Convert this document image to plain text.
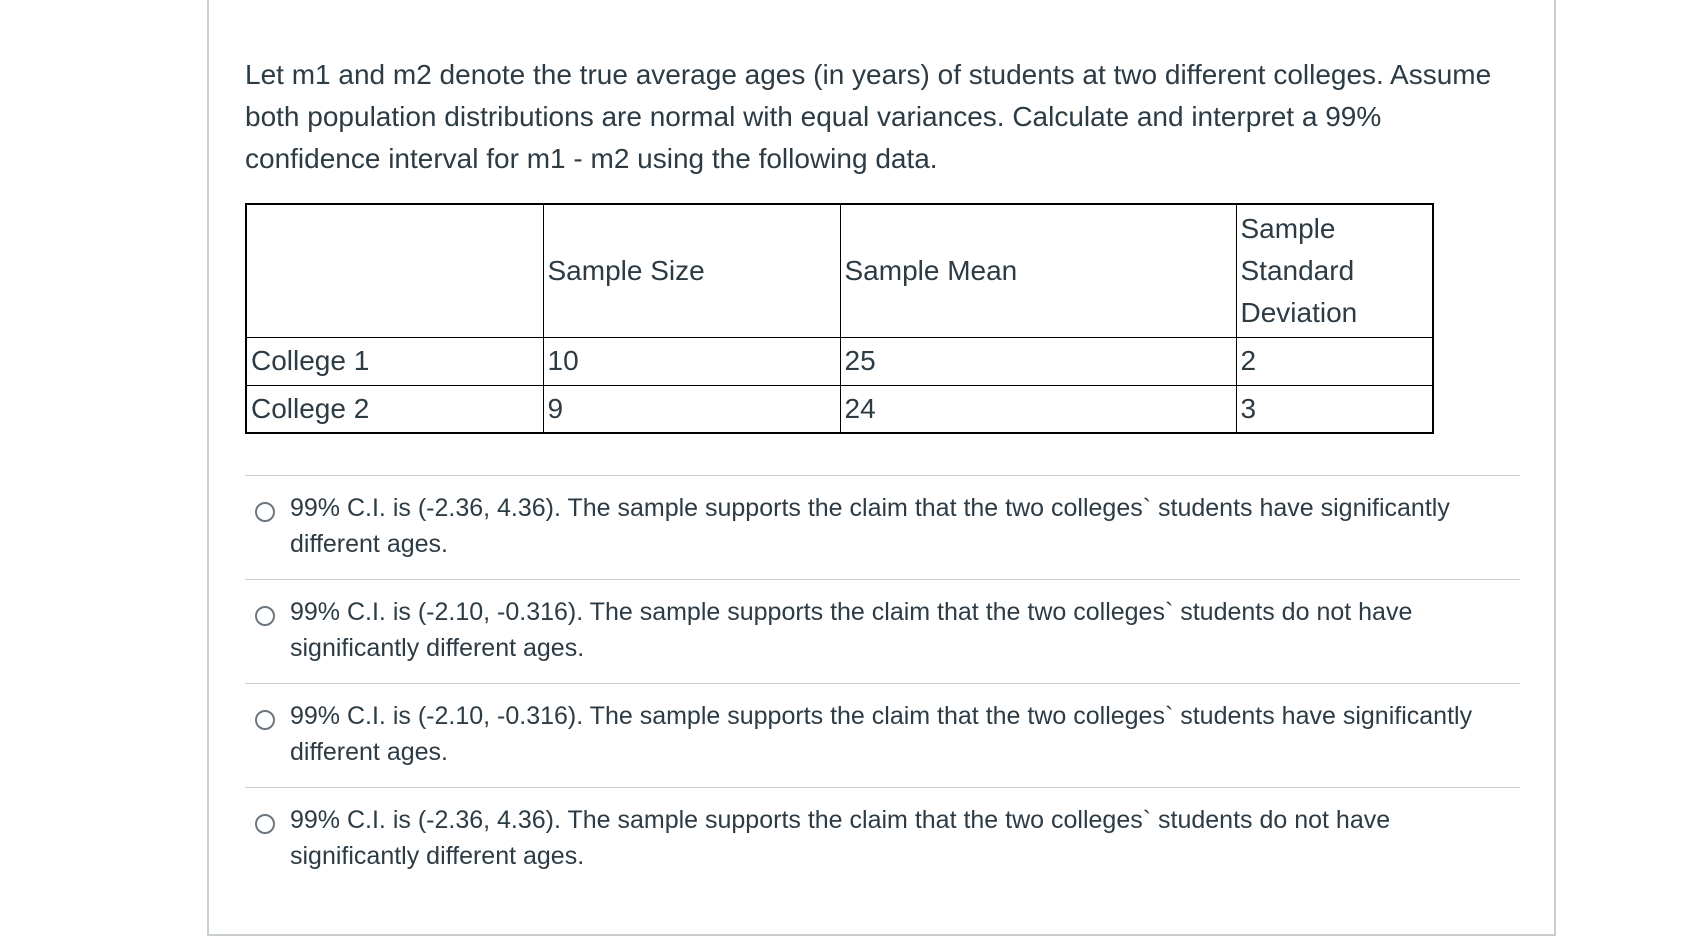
Let m1 and m2 denote the true average ages (in years) of students at two different colleges. Assume both population distributions are normal with equal variances. Calculate and interpret a 99% confidence interval for m1 - m2 using the following data.

	Sample Size	Sample Mean	Sample Standard Deviation
College 1	10	25	2
College 2	9	24	3
99% C.I. is (-2.36, 4.36). The sample supports the claim that the two colleges` students have significantly different ages.
99% C.I. is (-2.10, -0.316). The sample supports the claim that the two colleges` students do not have significantly different ages.
99% C.I. is (-2.10, -0.316). The sample supports the claim that the two colleges` students have significantly different ages.
99% C.I. is (-2.36, 4.36). The sample supports the claim that the two colleges` students do not have significantly different ages.
